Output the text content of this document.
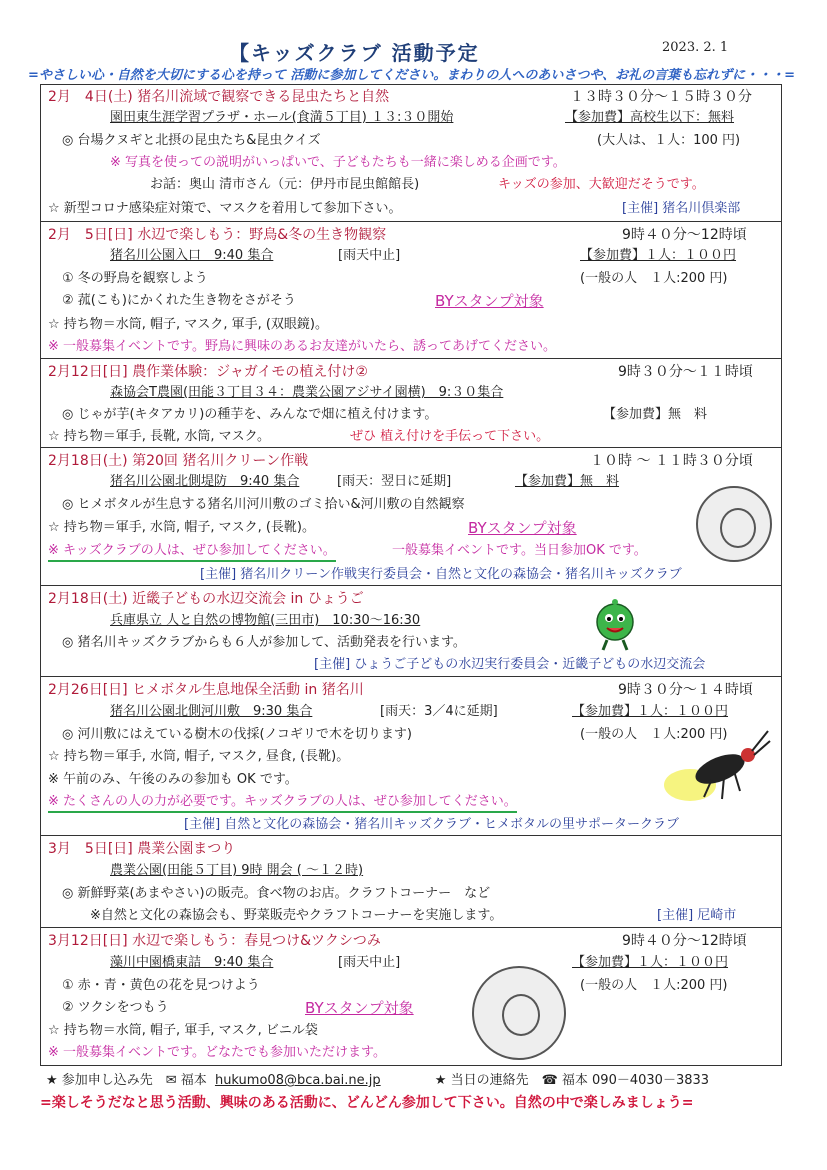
【キッズクラブ 活動予定	2023. 2. 1
=やさしい心・自然を大切にする心を持って 活動に参加してください。まわりの人へのあいさつや、お礼の言葉も忘れずに・・・=
2月　4日(土) 猪名川流域で観察できる昆虫たちと自然	１３時３０分～１５時３０分
園田東生涯学習プラザ・ホール(食満５丁目) １３:３０開始	【参加費】高校生以下：無料
◎ 台場クヌギと北摂の昆虫たち&昆虫クイズ	(大人は、１人：100 円)
※ 写真を使っての説明がいっぱいで、子どもたちも一緒に楽しめる企画です。
お話：奥山 清市さん（元：伊丹市昆虫館館長)	キッズの参加、大歓迎だそうです。
☆ 新型コロナ感染症対策で、マスクを着用して参加下さい。	[主催] 猪名川倶楽部
2月　5日[日] 水辺で楽しもう：野鳥&冬の生き物観察	9時４０分～12時頃
猪名川公園入口　9:40 集合	[雨天中止]	【参加費】１人：１００円
① 冬の野鳥を観察しよう	(一般の人　１人:200 円)
② 菰(こも)にかくれた生き物をさがそう	BYスタンプ対象
☆ 持ち物＝水筒, 帽子, マスク, 軍手, (双眼鏡)。
※ 一般募集イベントです。野鳥に興味のあるお友達がいたら、誘ってあげてください。
2月12日[日] 農作業体験：ジャガイモの植え付け②	9時３０分～１１時頃
森協会T農園(田能３丁目３４：農業公園アジサイ園横)　9:３０集合
◎ じゃが芋(キタアカリ)の種芋を、みんなで畑に植え付けます。	【参加費】無　料
☆ 持ち物＝軍手, 長靴, 水筒, マスク。	ぜひ 植え付けを手伝って下さい。
2月18日(土) 第20回 猪名川クリーン作戦	１０時 ～ １１時３０分頃
猪名川公園北側堤防　9:40 集合	[雨天：翌日に延期]	【参加費】無　料
◎ ヒメボタルが生息する猪名川河川敷のゴミ拾い&河川敷の自然観察
☆ 持ち物＝軍手, 水筒, 帽子, マスク, (長靴)。	BYスタンプ対象
※ キッズクラブの人は、ぜひ参加してください。	一般募集イベントです。当日参加OK です。
[主催] 猪名川クリーン作戦実行委員会・自然と文化の森協会・猪名川キッズクラブ
2月18日(土) 近畿子どもの水辺交流会 in ひょうご
兵庫県立 人と自然の博物館(三田市)　10:30～16:30
◎ 猪名川キッズクラブからも６人が参加して、活動発表を行います。
[主催] ひょうご子どもの水辺実行委員会・近畿子どもの水辺交流会
2月26日[日] ヒメボタル生息地保全活動 in 猪名川	9時３０分～１４時頃
猪名川公園北側河川敷　9:30 集合	[雨天：3／4に延期]	【参加費】１人：１００円
◎ 河川敷にはえている樹木の伐採(ノコギリで木を切ります)	(一般の人　１人:200 円)
☆ 持ち物＝軍手, 水筒, 帽子, マスク, 昼食, (長靴)。
※ 午前のみ、午後のみの参加も OK です。
※ たくさんの人の力が必要です。キッズクラブの人は、ぜひ参加してください。
[主催] 自然と文化の森協会・猪名川キッズクラブ・ヒメボタルの里サポータークラブ
3月　5日[日] 農業公園まつり
農業公園(田能５丁目) 9時 開会 ( ～１２時)
◎ 新鮮野菜(あまやさい)の販売。食べ物のお店。クラフトコーナー　など
※自然と文化の森協会も、野菜販売やクラフトコーナーを実施します。	[主催] 尼崎市
3月12日[日] 水辺で楽しもう：春見つけ&ツクシつみ	9時４０分～12時頃
藻川中園橋東詰　9:40 集合	[雨天中止]	【参加費】１人：１００円
① 赤・青・黄色の花を見つけよう	(一般の人　１人:200 円)
② ツクシをつもう	BYスタンプ対象
☆ 持ち物＝水筒, 帽子, 軍手, マスク, ビニル袋
※ 一般募集イベントです。どなたでも参加いただけます。
★ 参加申し込み先　✉ 福本 hukumo08@bca.bai.ne.jp	★ 当日の連絡先　☎ 福本 090－4030－3833
=楽しそうだなと思う活動、興味のある活動に、どんどん参加して下さい。自然の中で楽しみましょう=
